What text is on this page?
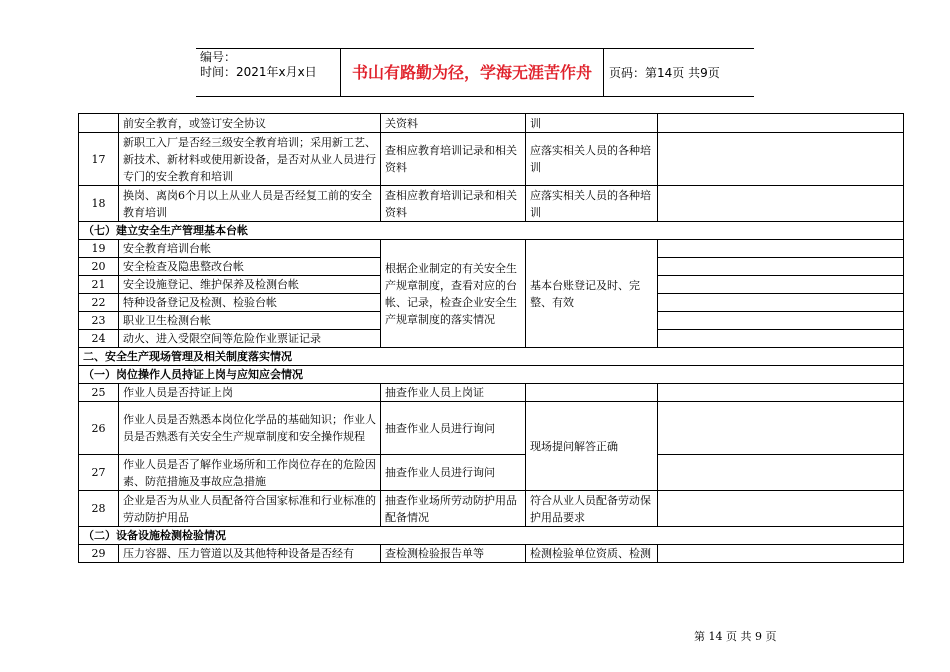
编号：
时间：2021年x月x日	书山有路勤为径，学海无涯苦作舟	页码：第14页 共9页
	前安全教育，或签订安全协议	关资料	训	
17	新职工入厂是否经三级安全教育培训；采用新工艺、新技术、新材料或使用新设备，是否对从业人员进行专门的安全教育和培训	查相应教育培训记录和相关资料	应落实相关人员的各种培训	
18	换岗、离岗6个月以上从业人员是否经复工前的安全教育培训	查相应教育培训记录和相关资料	应落实相关人员的各种培训	
（七）建立安全生产管理基本台帐				
19	安全教育培训台帐	根据企业制定的有关安全生产规章制度，查看对应的台帐、记录，检查企业安全生产规章制度的落实情况	基本台账登记及时、完整、有效	
20	安全检查及隐患整改台帐			
21	安全设施登记、维护保养及检测台帐			
22	特种设备登记及检测、检验台帐			
23	职业卫生检测台帐			
24	动火、进入受限空间等危险作业票证记录			
二、安全生产现场管理及相关制度落实情况				
（一）岗位操作人员持证上岗与应知应会情况				
25	作业人员是否持证上岗	抽查作业人员上岗证		
26	作业人员是否熟悉本岗位化学品的基础知识；作业人员是否熟悉有关安全生产规章制度和安全操作规程	抽查作业人员进行询问	现场提问解答正确	
27	作业人员是否了解作业场所和工作岗位存在的危险因素、防范措施及事故应急措施	抽查作业人员进行询问		
28	企业是否为从业人员配备符合国家标准和行业标准的劳动防护用品	抽查作业场所劳动防护用品配备情况	符合从业人员配备劳动保护用品要求	
（二）设备设施检测检验情况				
29	压力容器、压力管道以及其他特种设备是否经有	查检测检验报告单等	检测检验单位资质、检测	
第 14 页 共 9 页
